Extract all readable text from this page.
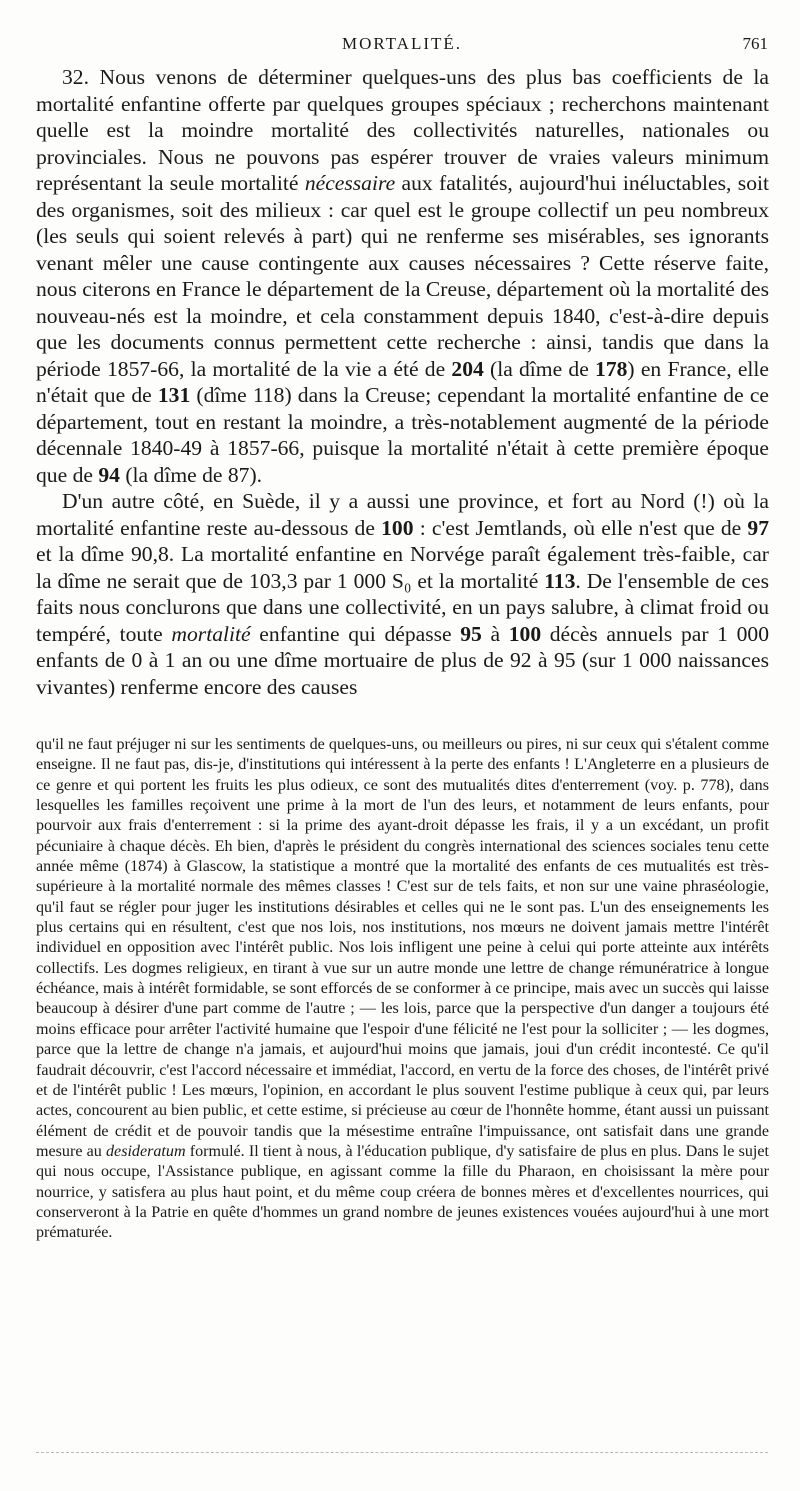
MORTALITÉ.	761

32. Nous venons de déterminer quelques-uns des plus bas coefficients de la mortalité enfantine offerte par quelques groupes spéciaux ; recherchons maintenant quelle est la moindre mortalité des collectivités naturelles, nationales ou provinciales. Nous ne pouvons pas espérer trouver de vraies valeurs minimum représentant la seule mortalité nécessaire aux fatalités, aujourd'hui inéluctables, soit des organismes, soit des milieux : car quel est le groupe collectif un peu nombreux (les seuls qui soient relevés à part) qui ne renferme ses misérables, ses ignorants venant mêler une cause contingente aux causes nécessaires ? Cette réserve faite, nous citerons en France le département de la Creuse, département où la mortalité des nouveau-nés est la moindre, et cela constamment depuis 1840, c'est-à-dire depuis que les documents connus permettent cette recherche : ainsi, tandis que dans la période 1857-66, la mortalité de la vie a été de 204 (la dîme de 178) en France, elle n'était que de 131 (dîme 118) dans la Creuse; cependant la mortalité enfantine de ce département, tout en restant la moindre, a très-notablement augmenté de la période décennale 1840-49 à 1857-66, puisque la mortalité n'était à cette première époque que de 94 (la dîme de 87).

D'un autre côté, en Suède, il y a aussi une province, et fort au Nord (!) où la mortalité enfantine reste au-dessous de 100 : c'est Jemtlands, où elle n'est que de 97 et la dîme 90,8. La mortalité enfantine en Norvége paraît également très-faible, car la dîme ne serait que de 103,3 par 1 000 S₀ et la mortalité 113. De l'ensemble de ces faits nous conclurons que dans une collectivité, en un pays salubre, à climat froid ou tempéré, toute mortalité enfantine qui dépasse 95 à 100 décès annuels par 1 000 enfants de 0 à 1 an ou une dîme mortuaire de plus de 92 à 95 (sur 1 000 naissances vivantes) renferme encore des causes

qu'il ne faut préjuger ni sur les sentiments de quelques-uns, ou meilleurs ou pires, ni sur ceux qui s'étalent comme enseigne. Il ne faut pas, dis-je, d'institutions qui intéressent à la perte des enfants ! L'Angleterre en a plusieurs de ce genre et qui portent les fruits les plus odieux, ce sont des mutualités dites d'enterrement (voy. p. 778), dans lesquelles les familles reçoivent une prime à la mort de l'un des leurs, et notamment de leurs enfants, pour pourvoir aux frais d'enterrement : si la prime des ayant-droit dépasse les frais, il y a un excédant, un profit pécuniaire à chaque décès. Eh bien, d'après le président du congrès international des sciences sociales tenu cette année même (1874) à Glascow, la statistique a montré que la mortalité des enfants de ces mutualités est très-supérieure à la mortalité normale des mêmes classes ! C'est sur de tels faits, et non sur une vaine phraséologie, qu'il faut se régler pour juger les institutions désirables et celles qui ne le sont pas. L'un des enseignements les plus certains qui en résultent, c'est que nos lois, nos institutions, nos mœurs ne doivent jamais mettre l'intérêt individuel en opposition avec l'intérêt public. Nos lois infligent une peine à celui qui porte atteinte aux intérêts collectifs. Les dogmes religieux, en tirant à vue sur un autre monde une lettre de change rémunératrice à longue échéance, mais à intérêt formidable, se sont efforcés de se conformer à ce principe, mais avec un succès qui laisse beaucoup à désirer d'une part comme de l'autre ; — les lois, parce que la perspective d'un danger a toujours été moins efficace pour arrêter l'activité humaine que l'espoir d'une félicité ne l'est pour la solliciter ; — les dogmes, parce que la lettre de change n'a jamais, et aujourd'hui moins que jamais, joui d'un crédit incontesté. Ce qu'il faudrait découvrir, c'est l'accord nécessaire et immédiat, l'accord, en vertu de la force des choses, de l'intérêt privé et de l'intérêt public ! Les mœurs, l'opinion, en accordant le plus souvent l'estime publique à ceux qui, par leurs actes, concourent au bien public, et cette estime, si précieuse au cœur de l'honnête homme, étant aussi un puissant élément de crédit et de pouvoir tandis que la mésestime entraîne l'impuissance, ont satisfait dans une grande mesure au desideratum formulé. Il tient à nous, à l'éducation publique, d'y satisfaire de plus en plus. Dans le sujet qui nous occupe, l'Assistance publique, en agissant comme la fille du Pharaon, en choisissant la mère pour nourrice, y satisfera au plus haut point, et du même coup créera de bonnes mères et d'excellentes nourrices, qui conserveront à la Patrie en quête d'hommes un grand nombre de jeunes existences vouées aujourd'hui à une mort prématurée.
